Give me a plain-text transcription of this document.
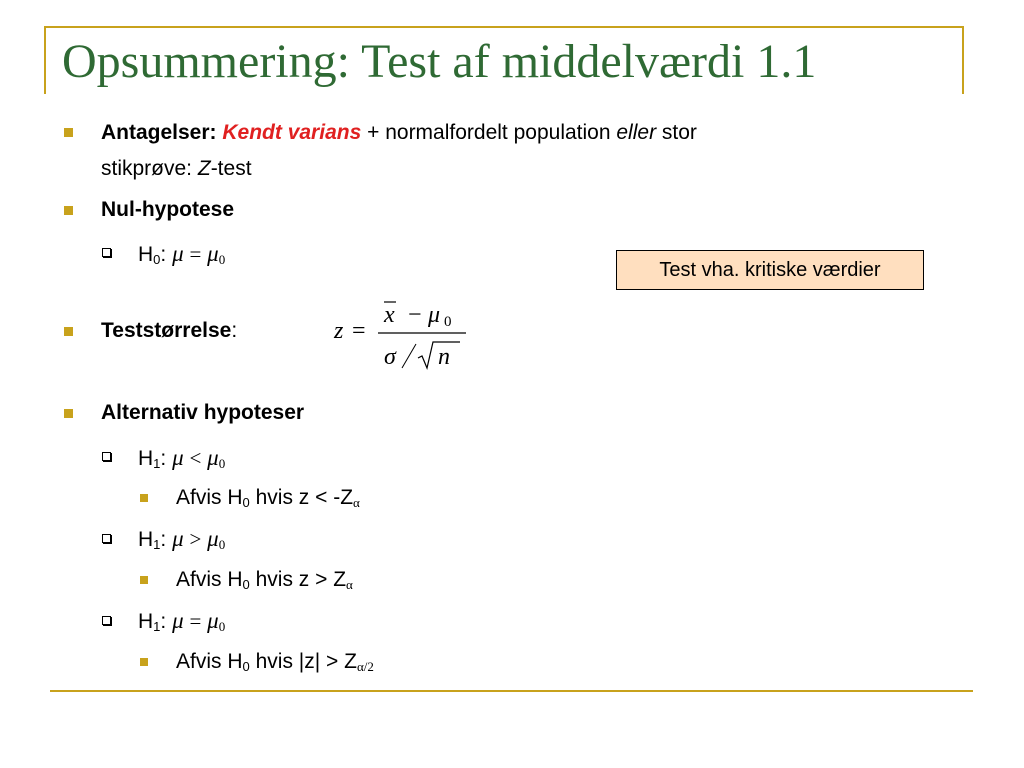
Opsummering: Test af middelværdi 1.1
Antagelser: Kendt varians + normalfordelt population eller stor
stikprøve: Z-test
Nul-hypotese
$H_0$: $\mu = \mu_0$	Test vha. kritiske værdier
Teststørrelse:	z =
x − μ 0
σ n
Alternativ hypoteser
$H_1$: $\mu < \mu_0$
Afvis $H_0$ hvis $z < -Z_\alpha$
$H_1$: $\mu > \mu_0$
Afvis $H_0$ hvis $z > Z_\alpha$
$H_1$: $\mu = \mu_0$
Afvis $H_0$ hvis $|z| > Z_{\alpha/2}$
